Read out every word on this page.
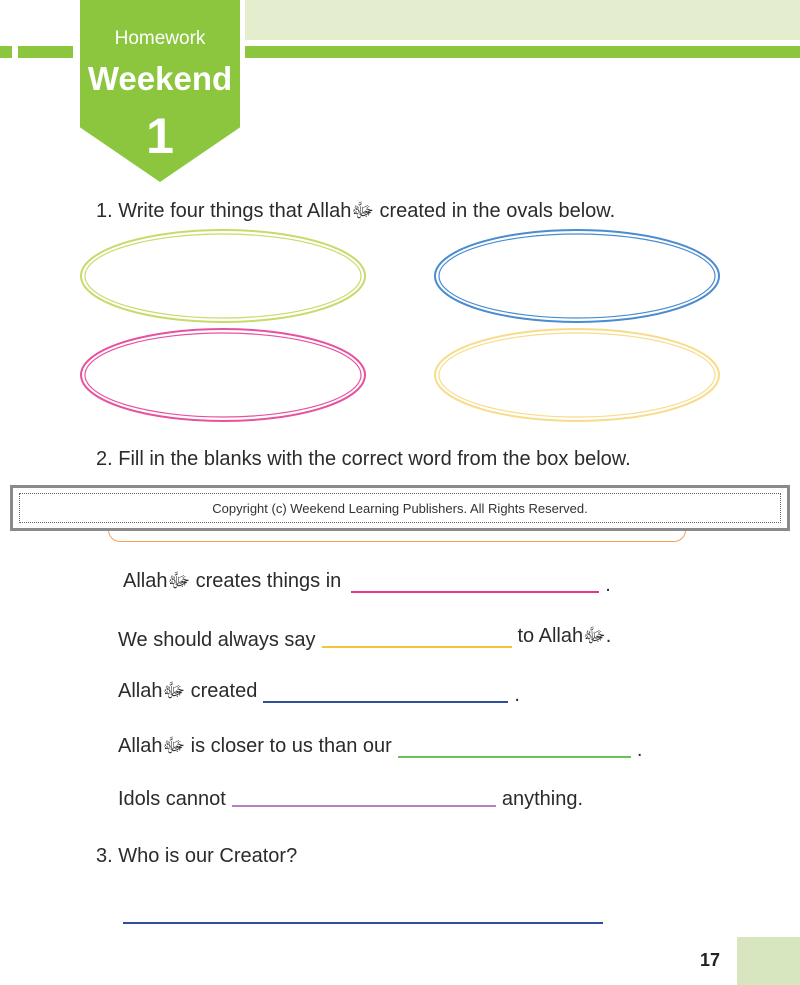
Homework
Weekend
1
1. Write four things that Allahﷻ created in the ovals below.
2. Fill in the blanks with the correct word from the box below.
Copyright (c) Weekend Learning Publishers. All Rights Reserved.
Allahﷻ creates things in	.
We should always say	to Allahﷻ.
Allahﷻ created	.
Allahﷻ is closer to us than our	.
Idols cannot	anything.
3. Who is our Creator?
17
